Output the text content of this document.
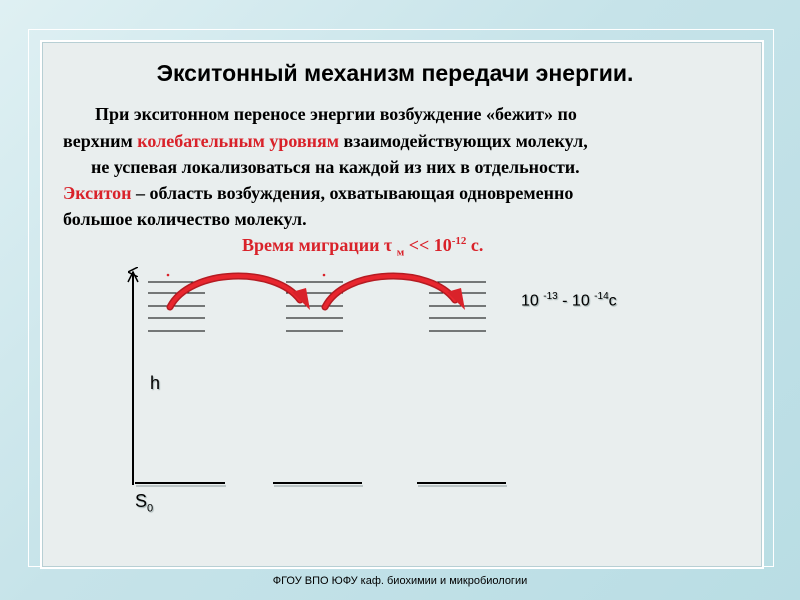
Экситонный механизм передачи энергии.
При экситонном переносе энергии возбуждение «бежит» по
верхним колебательным уровням взаимодействующих молекул,
не успевая локализоваться на каждой из них в отдельности.
Экситон – область возбуждения, охватывающая одновременно
большое количество молекул.
Время миграции τ $_м << 10^{-12}$ с.
10 $^{-13}$ - 10 $^{-14}$c
h
$S_0$
ФГОУ ВПО ЮФУ каф. биохимии и микробиологии
